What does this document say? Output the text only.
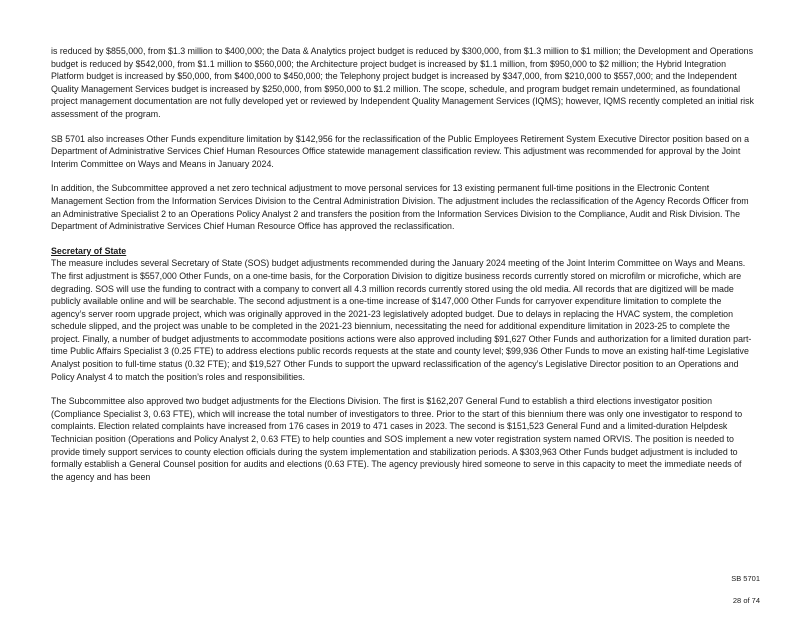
is reduced by $855,000, from $1.3 million to $400,000; the Data & Analytics project budget is reduced by $300,000, from $1.3 million to $1 million; the Development and Operations budget is reduced by $542,000, from $1.1 million to $560,000; the Architecture project budget is increased by $1.1 million, from $950,000 to $2 million; the Hybrid Integration Platform budget is increased by $50,000, from $400,000 to $450,000; the Telephony project budget is increased by $347,000, from $210,000 to $557,000; and the Independent Quality Management Services budget is increased by $250,000, from $950,000 to $1.2 million. The scope, schedule, and program budget remain undetermined, as foundational project management documentation are not fully developed yet or reviewed by Independent Quality Management Services (IQMS); however, IQMS recently completed an initial risk assessment of the program.

SB 5701 also increases Other Funds expenditure limitation by $142,956 for the reclassification of the Public Employees Retirement System Executive Director position based on a Department of Administrative Services Chief Human Resources Office statewide management classification review. This adjustment was recommended for approval by the Joint Interim Committee on Ways and Means in January 2024.

In addition, the Subcommittee approved a net zero technical adjustment to move personal services for 13 existing permanent full-time positions in the Electronic Content Management Section from the Information Services Division to the Central Administration Division. The adjustment includes the reclassification of the Agency Records Officer from an Administrative Specialist 2 to an Operations Policy Analyst 2 and transfers the position from the Information Services Division to the Compliance, Audit and Risk Division. The Department of Administrative Services Chief Human Resource Office has approved the reclassification.

Secretary of State

The measure includes several Secretary of State (SOS) budget adjustments recommended during the January 2024 meeting of the Joint Interim Committee on Ways and Means. The first adjustment is $557,000 Other Funds, on a one-time basis, for the Corporation Division to digitize business records currently stored on microfilm or microfiche, which are degrading. SOS will use the funding to contract with a company to convert all 4.3 million records currently stored using the old media. All records that are digitized will be made publicly available online and will be searchable. The second adjustment is a one-time increase of $147,000 Other Funds for carryover expenditure limitation to complete the agency’s server room upgrade project, which was originally approved in the 2021-23 legislatively adopted budget. Due to delays in replacing the HVAC system, the completion schedule slipped, and the project was unable to be completed in the 2021-23 biennium, necessitating the need for additional expenditure limitation in 2023-25 to complete the project. Finally, a number of budget adjustments to accommodate positions actions were also approved including $91,627 Other Funds and authorization for a limited duration part-time Public Affairs Specialist 3 (0.25 FTE) to address elections public records requests at the state and county level; $99,936 Other Funds to move an existing half-time Legislative Analyst position to full-time status (0.32 FTE); and $19,527 Other Funds to support the upward reclassification of the agency’s Legislative Director position to an Operations and Policy Analyst 4 to match the position’s roles and responsibilities.

The Subcommittee also approved two budget adjustments for the Elections Division. The first is $162,207 General Fund to establish a third elections investigator position (Compliance Specialist 3, 0.63 FTE), which will increase the total number of investigators to three. Prior to the start of this biennium there was only one investigator to respond to complaints. Election related complaints have increased from 176 cases in 2019 to 471 cases in 2023. The second is $151,523 General Fund and a limited-duration Helpdesk Technician position (Operations and Policy Analyst 2, 0.63 FTE) to help counties and SOS implement a new voter registration system named ORVIS. The position is needed to provide timely support services to county election officials during the system implementation and stabilization periods. A $303,963 Other Funds budget adjustment is included to formally establish a General Counsel position for audits and elections (0.63 FTE). The agency previously hired someone to serve in this capacity to meet the immediate needs of the agency and has been

SB 5701
28 of 74
